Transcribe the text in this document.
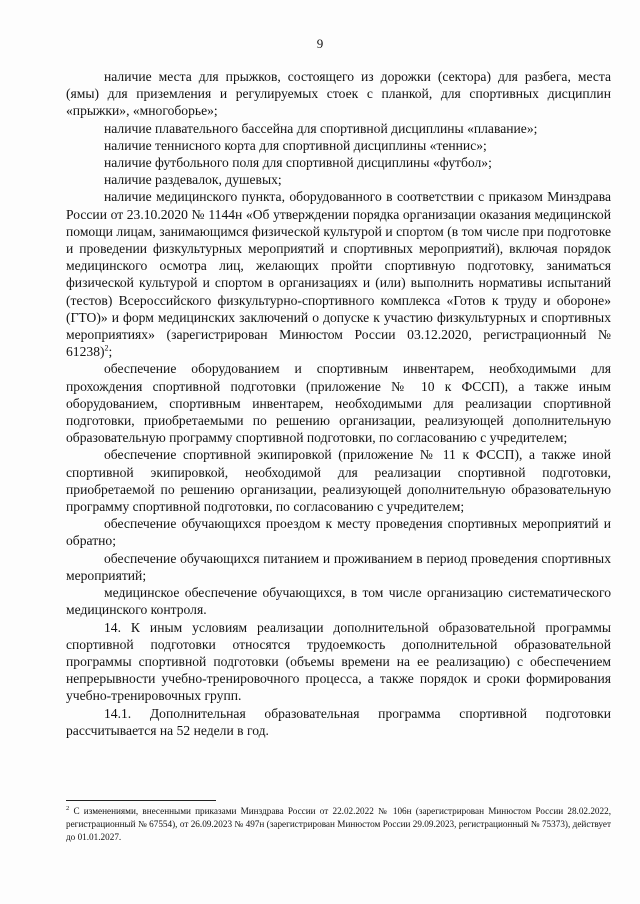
9

наличие места для прыжков, состоящего из дорожки (сектора) для разбега, места (ямы) для приземления и регулируемых стоек с планкой, для спортивных дисциплин «прыжки», «многоборье»;

наличие плавательного бассейна для спортивной дисциплины «плавание»;

наличие теннисного корта для спортивной дисциплины «теннис»;

наличие футбольного поля для спортивной дисциплины «футбол»;

наличие раздевалок, душевых;

наличие медицинского пункта, оборудованного в соответствии с приказом Минздрава России от 23.10.2020 № 1144н «Об утверждении порядка организации оказания медицинской помощи лицам, занимающимся физической культурой и спортом (в том числе при подготовке и проведении физкультурных мероприятий и спортивных мероприятий), включая порядок медицинского осмотра лиц, желающих пройти спортивную подготовку, заниматься физической культурой и спортом в организациях и (или) выполнить нормативы испытаний (тестов) Всероссийского физкультурно-спортивного комплекса «Готов к труду и обороне» (ГТО)» и форм медицинских заключений о допуске к участию физкультурных и спортивных мероприятиях» (зарегистрирован Минюстом России 03.12.2020, регистрационный № 61238)$^2$;

обеспечение оборудованием и спортивным инвентарем, необходимыми для прохождения спортивной подготовки (приложение № 10 к ФССП), а также иным оборудованием, спортивным инвентарем, необходимыми для реализации спортивной подготовки, приобретаемыми по решению организации, реализующей дополнительную образовательную программу спортивной подготовки, по согласованию с учредителем;

обеспечение спортивной экипировкой (приложение № 11 к ФССП), а также иной спортивной экипировкой, необходимой для реализации спортивной подготовки, приобретаемой по решению организации, реализующей дополнительную образовательную программу спортивной подготовки, по согласованию с учредителем;

обеспечение обучающихся проездом к месту проведения спортивных мероприятий и обратно;

обеспечение обучающихся питанием и проживанием в период проведения спортивных мероприятий;

медицинское обеспечение обучающихся, в том числе организацию систематического медицинского контроля.

14. К иным условиям реализации дополнительной образовательной программы спортивной подготовки относятся трудоемкость дополнительной образовательной программы спортивной подготовки (объемы времени на ее реализацию) с обеспечением непрерывности учебно-тренировочного процесса, а также порядок и сроки формирования учебно-тренировочных групп.

14.1. Дополнительная образовательная программа спортивной подготовки рассчитывается на 52 недели в год.

$^2$ С изменениями, внесенными приказами Минздрава России от 22.02.2022 № 106н (зарегистрирован Минюстом России 28.02.2022, регистрационный № 67554), от 26.09.2023 № 497н (зарегистрирован Минюстом России 29.09.2023, регистрационный № 75373), действует до 01.01.2027.
